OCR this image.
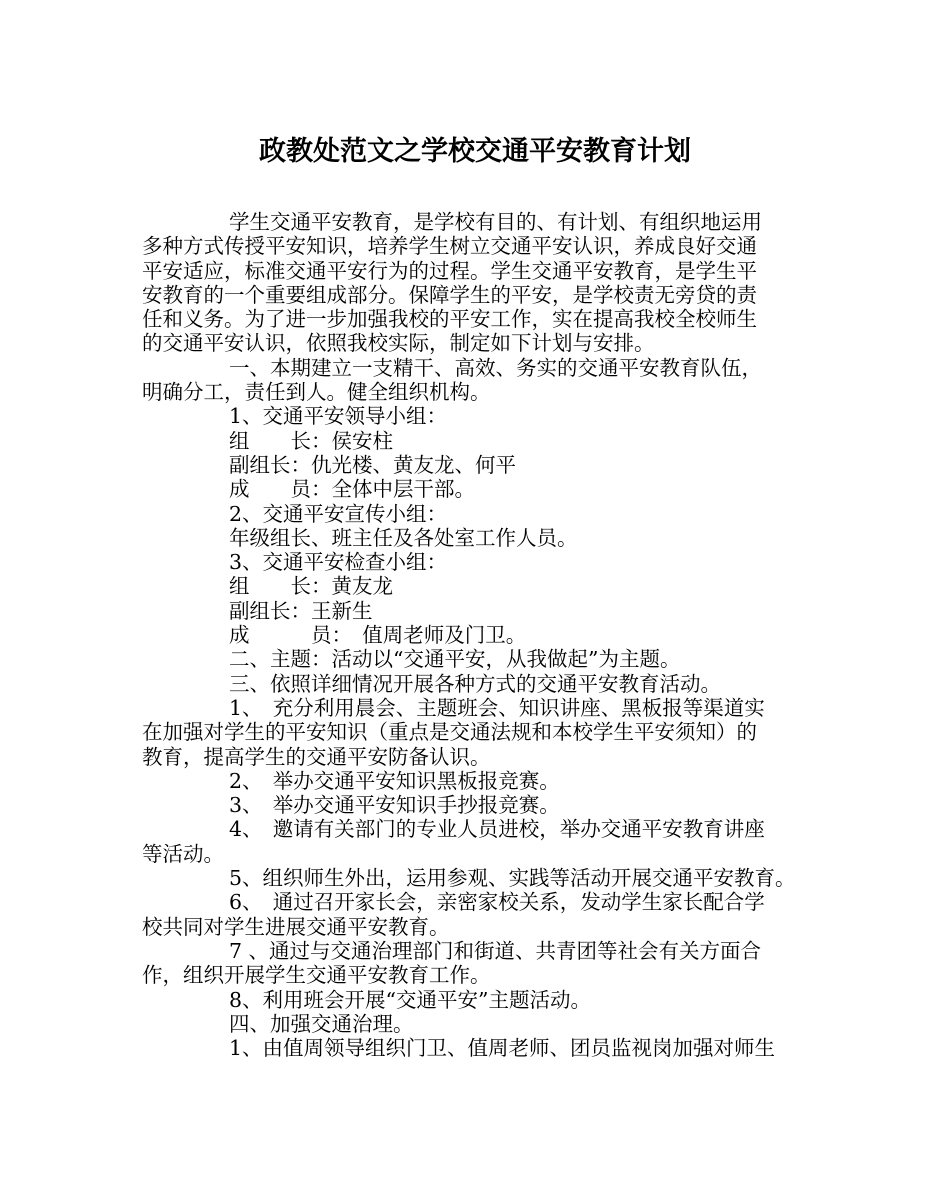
政教处范文之学校交通平安教育计划
学生交通平安教育，是学校有目的、有计划、有组织地运用
多种方式传授平安知识，培养学生树立交通平安认识，养成良好交通
平安适应，标准交通平安行为的过程。学生交通平安教育，是学生平
安教育的一个重要组成部分。保障学生的平安，是学校责无旁贷的责
任和义务。为了进一步加强我校的平安工作，实在提高我校全校师生
的交通平安认识，依照我校实际，制定如下计划与安排。
一、本期建立一支精干、高效、务实的交通平安教育队伍，
明确分工，责任到人。健全组织机构。
1、交通平安领导小组：
组　　长：侯安柱
副组长：仇光楼、黄友龙、何平
成　　员：全体中层干部。
2、交通平安宣传小组：
年级组长、班主任及各处室工作人员。
3、交通平安检查小组：
组　　长：黄友龙
副组长：王新生
成　　　员：　值周老师及门卫。
二、主题：活动以“交通平安，从我做起”为主题。
三、依照详细情况开展各种方式的交通平安教育活动。
1、　充分利用晨会、主题班会、知识讲座、黑板报等渠道实
在加强对学生的平安知识（重点是交通法规和本校学生平安须知）的
教育，提高学生的交通平安防备认识。
2、　举办交通平安知识黑板报竞赛。
3、　举办交通平安知识手抄报竞赛。
4、　邀请有关部门的专业人员进校，举办交通平安教育讲座
等活动。
5、组织师生外出，运用参观、实践等活动开展交通平安教育。
6、　通过召开家长会，亲密家校关系，发动学生家长配合学
校共同对学生进展交通平安教育。
7 、通过与交通治理部门和街道、共青团等社会有关方面合
作，组织开展学生交通平安教育工作。
8、利用班会开展“交通平安”主题活动。
四、加强交通治理。
1、由值周领导组织门卫、值周老师、团员监视岗加强对师生
